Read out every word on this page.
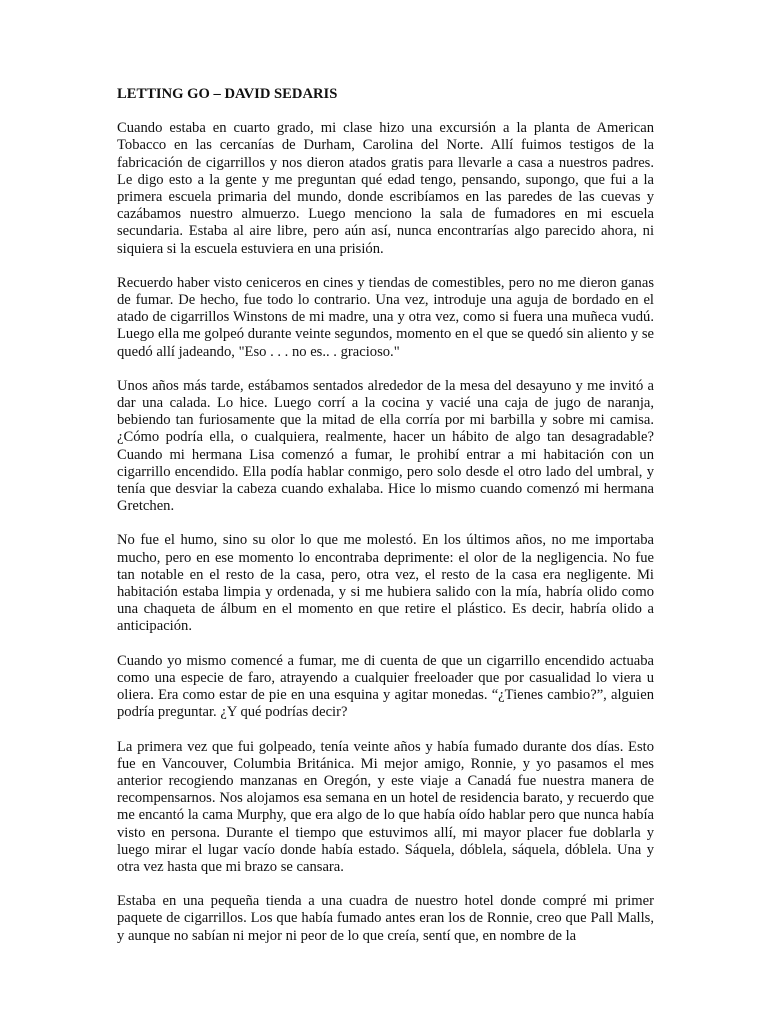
LETTING GO – DAVID SEDARIS

Cuando estaba en cuarto grado, mi clase hizo una excursión a la planta de American Tobacco en las cercanías de Durham, Carolina del Norte. Allí fuimos testigos de la fabricación de cigarrillos y nos dieron atados gratis para llevarle a casa a nuestros padres. Le digo esto a la gente y me preguntan qué edad tengo, pensando, supongo, que fui a la primera escuela primaria del mundo, donde escribíamos en las paredes de las cuevas y cazábamos nuestro almuerzo. Luego menciono la sala de fumadores en mi escuela secundaria. Estaba al aire libre, pero aún así, nunca encontrarías algo parecido ahora, ni siquiera si la escuela estuviera en una prisión.

Recuerdo haber visto ceniceros en cines y tiendas de comestibles, pero no me dieron ganas de fumar. De hecho, fue todo lo contrario. Una vez, introduje una aguja de bordado en el atado de cigarrillos Winstons de mi madre, una y otra vez, como si fuera una muñeca vudú. Luego ella me golpeó durante veinte segundos, momento en el que se quedó sin aliento y se quedó allí jadeando, "Eso . . . no es.. . gracioso."

Unos años más tarde, estábamos sentados alrededor de la mesa del desayuno y me invitó a dar una calada. Lo hice. Luego corrí a la cocina y vacié una caja de jugo de naranja, bebiendo tan furiosamente que la mitad de ella corría por mi barbilla y sobre mi camisa. ¿Cómo podría ella, o cualquiera, realmente, hacer un hábito de algo tan desagradable? Cuando mi hermana Lisa comenzó a fumar, le prohibí entrar a mi habitación con un cigarrillo encendido. Ella podía hablar conmigo, pero solo desde el otro lado del umbral, y tenía que desviar la cabeza cuando exhalaba. Hice lo mismo cuando comenzó mi hermana Gretchen.

No fue el humo, sino su olor lo que me molestó. En los últimos años, no me importaba mucho, pero en ese momento lo encontraba deprimente: el olor de la negligencia. No fue tan notable en el resto de la casa, pero, otra vez, el resto de la casa era negligente. Mi habitación estaba limpia y ordenada, y si me hubiera salido con la mía, habría olido como una chaqueta de álbum en el momento en que retire el plástico. Es decir, habría olido a anticipación.

Cuando yo mismo comencé a fumar, me di cuenta de que un cigarrillo encendido actuaba como una especie de faro, atrayendo a cualquier freeloader que por casualidad lo viera u oliera. Era como estar de pie en una esquina y agitar monedas. “¿Tienes cambio?”, alguien podría preguntar. ¿Y qué podrías decir?

La primera vez que fui golpeado, tenía veinte años y había fumado durante dos días. Esto fue en Vancouver, Columbia Británica. Mi mejor amigo, Ronnie, y yo pasamos el mes anterior recogiendo manzanas en Oregón, y este viaje a Canadá fue nuestra manera de recompensarnos. Nos alojamos esa semana en un hotel de residencia barato, y recuerdo que me encantó la cama Murphy, que era algo de lo que había oído hablar pero que nunca había visto en persona. Durante el tiempo que estuvimos allí, mi mayor placer fue doblarla y luego mirar el lugar vacío donde había estado. Sáquela, dóblela, sáquela, dóblela. Una y otra vez hasta que mi brazo se cansara.

Estaba en una pequeña tienda a una cuadra de nuestro hotel donde compré mi primer paquete de cigarrillos. Los que había fumado antes eran los de Ronnie, creo que Pall Malls, y aunque no sabían ni mejor ni peor de lo que creía, sentí que, en nombre de la
